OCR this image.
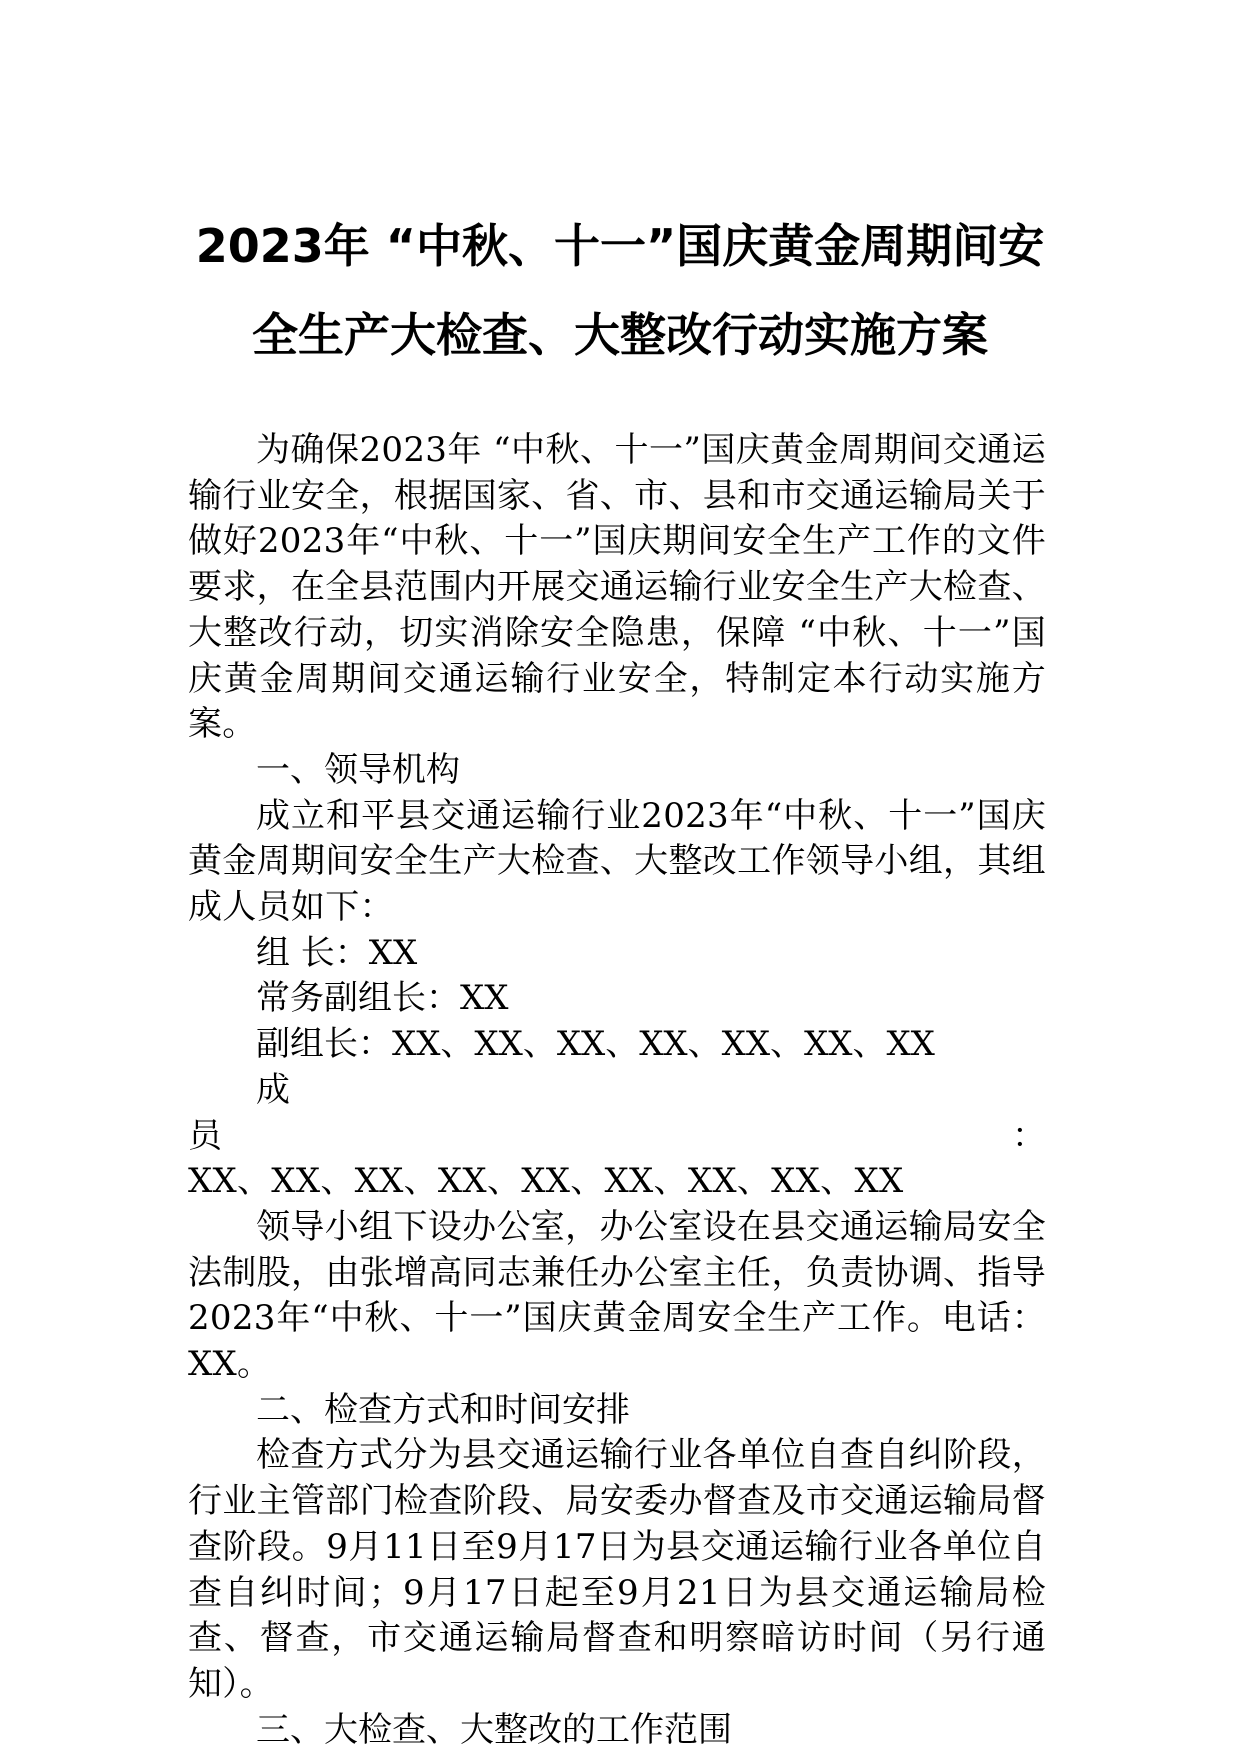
2023年 “中秋、十一”国庆黄金周期间安
全生产大检查、大整改行动实施方案

为确保2023年 “中秋、十一”国庆黄金周期间交通运输行业安全，根据国家、省、市、县和市交通运输局关于做好2023年“中秋、十一”国庆期间安全生产工作的文件要求，在全县范围内开展交通运输行业安全生产大检查、大整改行动，切实消除安全隐患，保障 “中秋、十一”国庆黄金周期间交通运输行业安全，特制定本行动实施方案。

一、领导机构

成立和平县交通运输行业2023年“中秋、十一”国庆黄金周期间安全生产大检查、大整改工作领导小组，其组成人员如下：

组 长：XX

常务副组长：XX

副组长：XX、XX、XX、XX、XX、XX、XX

成　　　　　　　　　　　　员　　　　　　　　　　：

XX、XX、XX、XX、XX、XX、XX、XX、XX

领导小组下设办公室，办公室设在县交通运输局安全法制股，由张增高同志兼任办公室主任，负责协调、指导2023年“中秋、十一”国庆黄金周安全生产工作。电话：XX。

二、检查方式和时间安排

检查方式分为县交通运输行业各单位自查自纠阶段，行业主管部门检查阶段、局安委办督查及市交通运输局督查阶段。9月11日至9月17日为县交通运输行业各单位自查自纠时间；9月17日起至9月21日为县交通运输局检查、督查，市交通运输局督查和明察暗访时间（另行通知）。

三、大检查、大整改的工作范围
